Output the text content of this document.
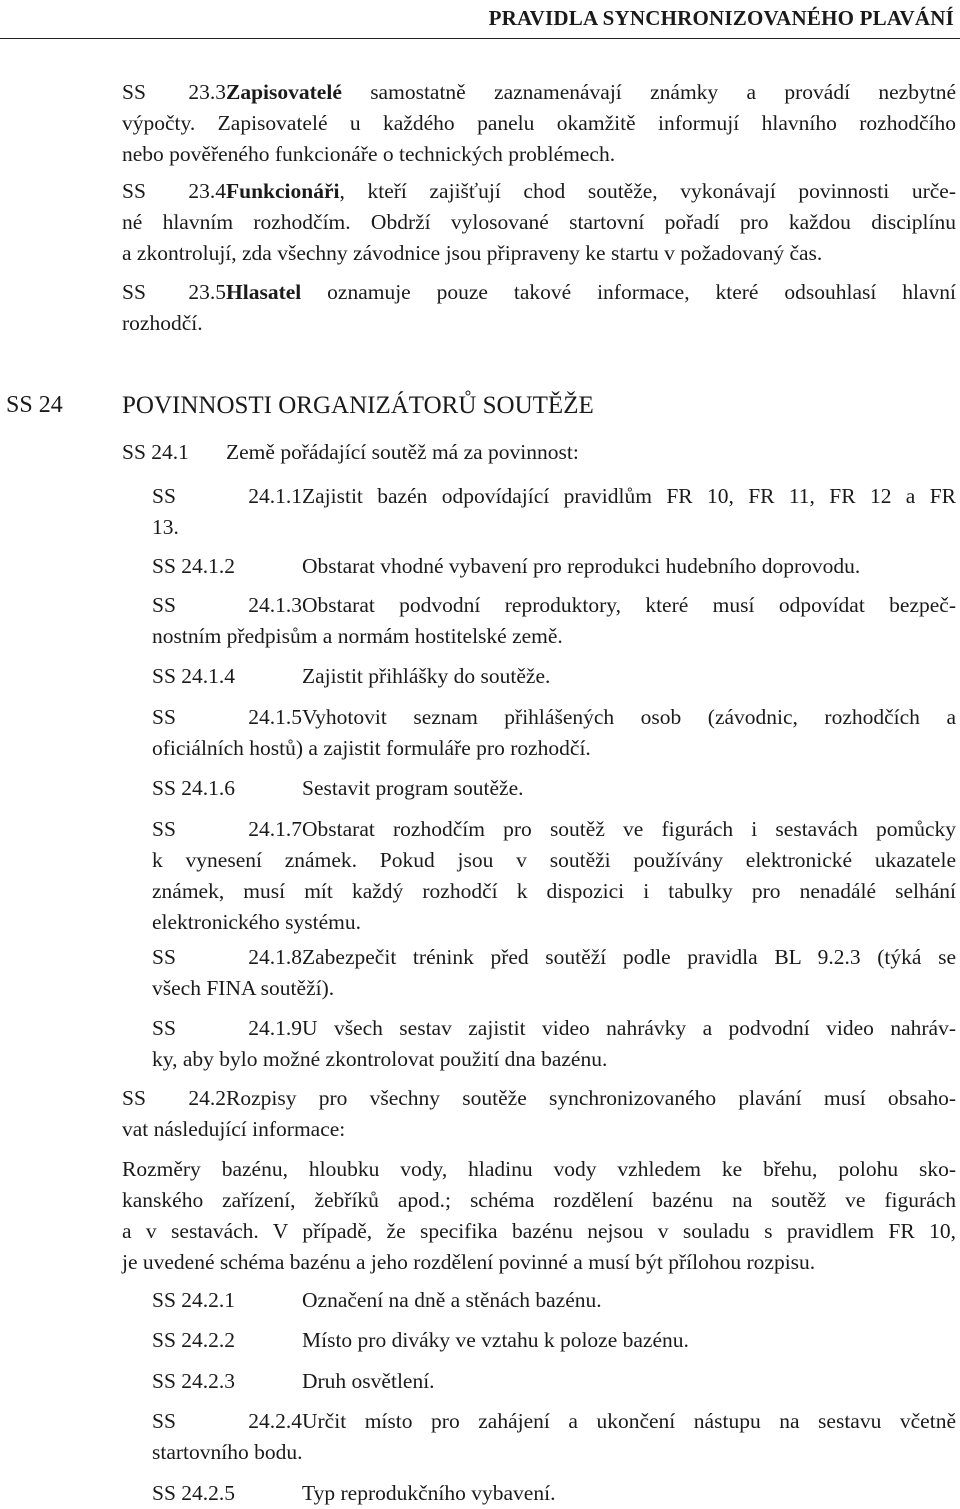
PRAVIDLA SYNCHRONIZOVANÉHO PLAVÁNÍ
SS 23.3Zapisovatelé samostatně zaznamenávají známky a provádí nezbytné
výpočty. Zapisovatelé u každého panelu okamžitě informují hlavního rozhodčího
nebo pověřeného funkcionáře o technických problémech.
SS 23.4Funkcionáři, kteří zajišťují chod soutěže, vykonávají povinnosti urče-
né hlavním rozhodčím. Obdrží vylosované startovní pořadí pro každou disciplínu
a zkontrolují, zda všechny závodnice jsou připraveny ke startu v požadovaný čas.
SS 23.5Hlasatel oznamuje pouze takové informace, které odsouhlasí hlavní
rozhodčí.
SS 24 POVINNOSTI ORGANIZÁTORŮ SOUTĚŽE
SS 24.1 Země pořádající soutěž má za povinnost:
SS 24.1.1Zajistit bazén odpovídající pravidlům FR 10, FR 11, FR 12 a FR
13.
SS 24.1.2	Obstarat vhodné vybavení pro reprodukci hudebního doprovodu.
SS 24.1.3Obstarat podvodní reproduktory, které musí odpovídat bezpeč-
nostním předpisům a normám hostitelské země.
SS 24.1.4	Zajistit přihlášky do soutěže.
SS 24.1.5Vyhotovit seznam přihlášených osob (závodnic, rozhodčích a
oficiálních hostů) a zajistit formuláře pro rozhodčí.
SS 24.1.6	Sestavit program soutěže.
SS 24.1.7Obstarat rozhodčím pro soutěž ve figurách i sestavách pomůcky
k vynesení známek. Pokud jsou v soutěži používány elektronické ukazatele
známek, musí mít každý rozhodčí k dispozici i tabulky pro nenadálé selhání
elektronického systému.
SS 24.1.8Zabezpečit trénink před soutěží podle pravidla BL 9.2.3 (týká se
všech FINA soutěží).
SS 24.1.9U všech sestav zajistit video nahrávky a podvodní video nahráv-
ky, aby bylo možné zkontrolovat použití dna bazénu.
SS 24.2Rozpisy pro všechny soutěže synchronizovaného plavání musí obsaho-
vat následující informace:
Rozměry bazénu, hloubku vody, hladinu vody vzhledem ke břehu, polohu sko-
kanského zařízení, žebříků apod.; schéma rozdělení bazénu na soutěž ve figurách
a v sestavách. V případě, že specifika bazénu nejsou v souladu s pravidlem FR 10,
je uvedené schéma bazénu a jeho rozdělení povinné a musí být přílohou rozpisu.
SS 24.2.1	Označení na dně a stěnách bazénu.
SS 24.2.2	Místo pro diváky ve vztahu k poloze bazénu.
SS 24.2.3	Druh osvětlení.
SS 24.2.4Určit místo pro zahájení a ukončení nástupu na sestavu včetně
startovního bodu.
SS 24.2.5	Typ reprodukčního vybavení.
